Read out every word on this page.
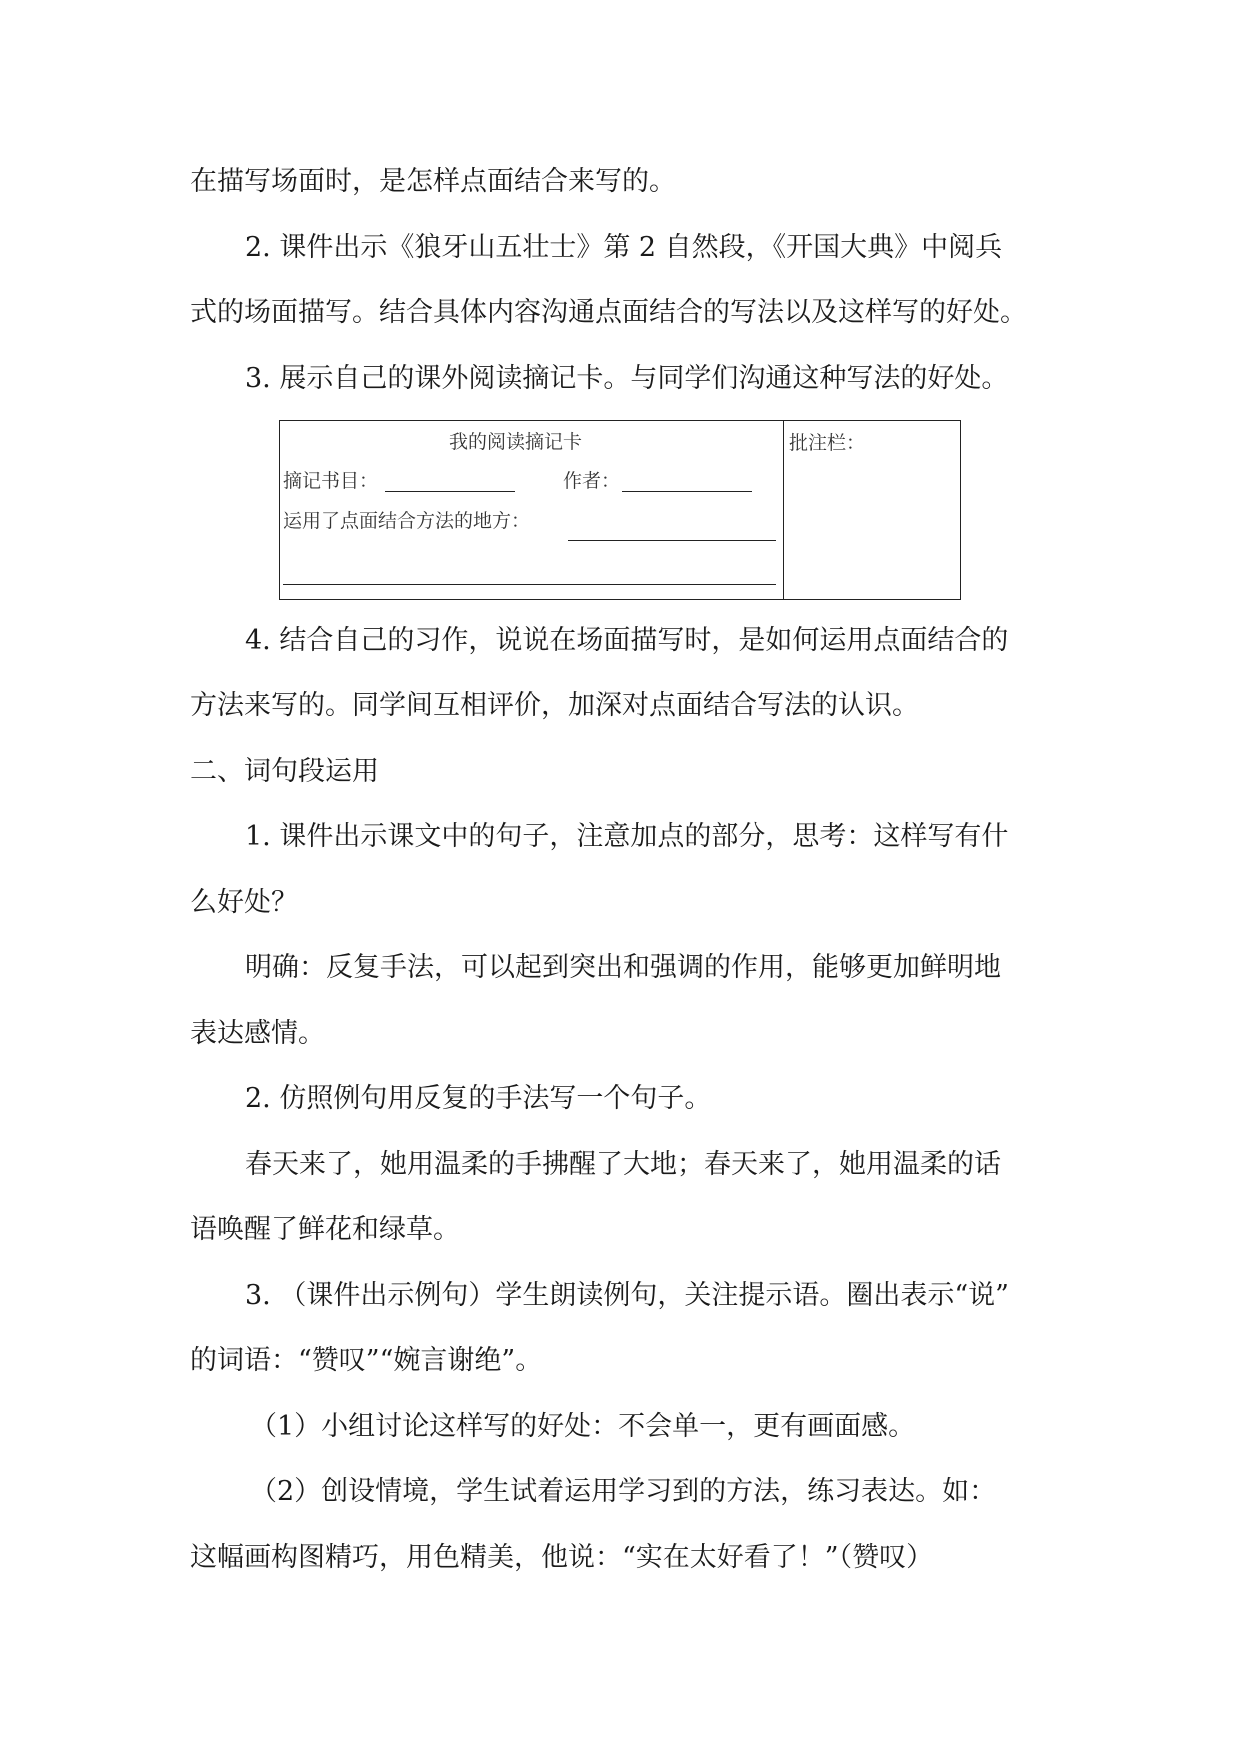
在描写场面时，是怎样点面结合来写的。
2. 课件出示《狼牙山五壮士》第 2 自然段，《开国大典》中阅兵
式的场面描写。结合具体内容沟通点面结合的写法以及这样写的好处。
3. 展示自己的课外阅读摘记卡。与同学们沟通这种写法的好处。
我的阅读摘记卡
摘记书目：	作者：
运用了点面结合方法的地方：
批注栏：
4. 结合自己的习作，说说在场面描写时，是如何运用点面结合的
方法来写的。同学间互相评价，加深对点面结合写法的认识。
二、词句段运用
1. 课件出示课文中的句子，注意加点的部分，思考：这样写有什
么好处？
明确：反复手法，可以起到突出和强调的作用，能够更加鲜明地
表达感情。
2. 仿照例句用反复的手法写一个句子。
春天来了，她用温柔的手拂醒了大地；春天来了，她用温柔的话
语唤醒了鲜花和绿草。
3. （课件出示例句）学生朗读例句，关注提示语。圈出表示“说”
的词语：“赞叹”“婉言谢绝”。
（1）小组讨论这样写的好处：不会单一，更有画面感。
（2）创设情境，学生试着运用学习到的方法，练习表达。如：
这幅画构图精巧，用色精美，他说：“实在太好看了！”（赞叹）
